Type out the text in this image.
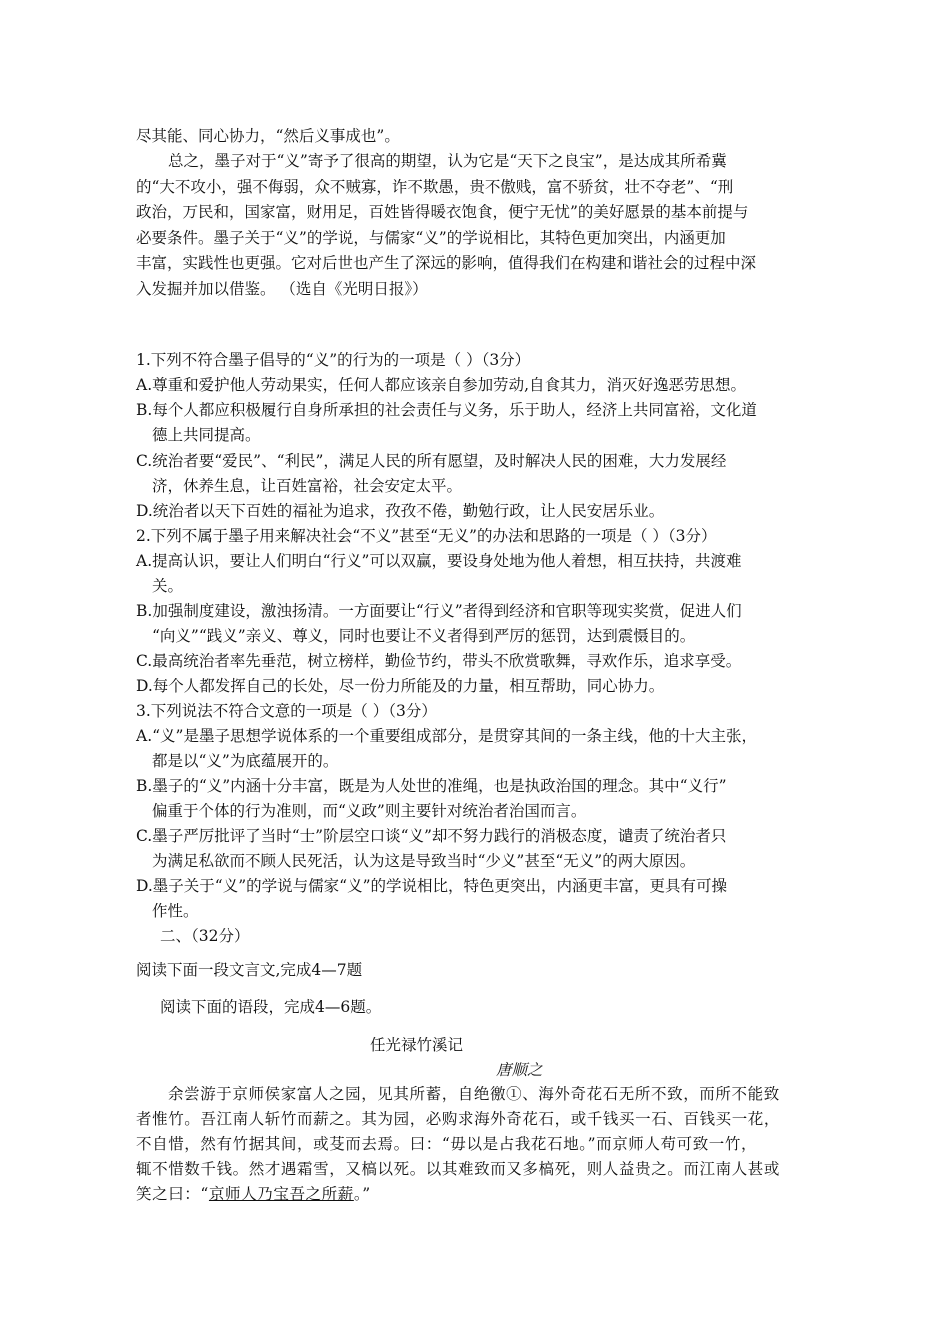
尽其能、同心协力，“然后义事成也”。
总之，墨子对于“义”寄予了很高的期望，认为它是“天下之良宝”，是达成其所希冀
的“大不攻小，强不侮弱，众不贼寡，诈不欺愚，贵不傲贱，富不骄贫，壮不夺老”、“刑
政治，万民和，国家富，财用足，百姓皆得暖衣饱食，便宁无忧”的美好愿景的基本前提与
必要条件。墨子关于“义”的学说，与儒家“义”的学说相比，其特色更加突出，内涵更加
丰富，实践性也更强。它对后世也产生了深远的影响，值得我们在构建和谐社会的过程中深
入发掘并加以借鉴。 （选自《光明日报》）
1.下列不符合墨子倡导的“义”的行为的一项是（ ）（3分）
A.尊重和爱护他人劳动果实，任何人都应该亲自参加劳动,自食其力，消灭好逸恶劳思想。
B.每个人都应积极履行自身所承担的社会责任与义务，乐于助人，经济上共同富裕，文化道
德上共同提高。
C.统治者要“爱民”、“利民”，满足人民的所有愿望，及时解决人民的困难，大力发展经
济，休养生息，让百姓富裕，社会安定太平。
D.统治者以天下百姓的福祉为追求，孜孜不倦，勤勉行政，让人民安居乐业。
2.下列不属于墨子用来解决社会“不义”甚至“无义”的办法和思路的一项是（ ）（3分）
A.提高认识，要让人们明白“行义”可以双赢，要设身处地为他人着想，相互扶持，共渡难
关。
B.加强制度建设，激浊扬清。一方面要让“行义”者得到经济和官职等现实奖赏，促进人们
“向义”“践义”亲义、尊义，同时也要让不义者得到严厉的惩罚，达到震慑目的。
C.最高统治者率先垂范，树立榜样，勤俭节约，带头不欣赏歌舞，寻欢作乐，追求享受。
D.每个人都发挥自己的长处，尽一份力所能及的力量，相互帮助，同心协力。
3.下列说法不符合文意的一项是（ ）（3分）
A.“义”是墨子思想学说体系的一个重要组成部分，是贯穿其间的一条主线，他的十大主张，
都是以“义”为底蕴展开的。
B.墨子的“义”内涵十分丰富，既是为人处世的准绳，也是执政治国的理念。其中“义行”
偏重于个体的行为准则，而“义政”则主要针对统治者治国而言。
C.墨子严厉批评了当时“士”阶层空口谈“义”却不努力践行的消极态度，谴责了统治者只
为满足私欲而不顾人民死活，认为这是导致当时“少义”甚至“无义”的两大原因。
D.墨子关于“义”的学说与儒家“义”的学说相比，特色更突出，内涵更丰富，更具有可操
作性。
二、（32分）
阅读下面一段文言文,完成4—7题
阅读下面的语段，完成4—6题。
任光禄竹溪记
唐顺之
余尝游于京师侯家富人之园，见其所蓄，自绝徼①、海外奇花石无所不致，而所不能致
者惟竹。吾江南人斩竹而薪之。其为园，必购求海外奇花石，或千钱买一石、百钱买一花，
不自惜，然有竹据其间，或芟而去焉。曰：“毋以是占我花石地。”而京师人苟可致一竹，
辄不惜数千钱。然才遇霜雪，又槁以死。以其难致而又多槁死，则人益贵之。而江南人甚或
笑之曰：“京师人乃宝吾之所薪。”
